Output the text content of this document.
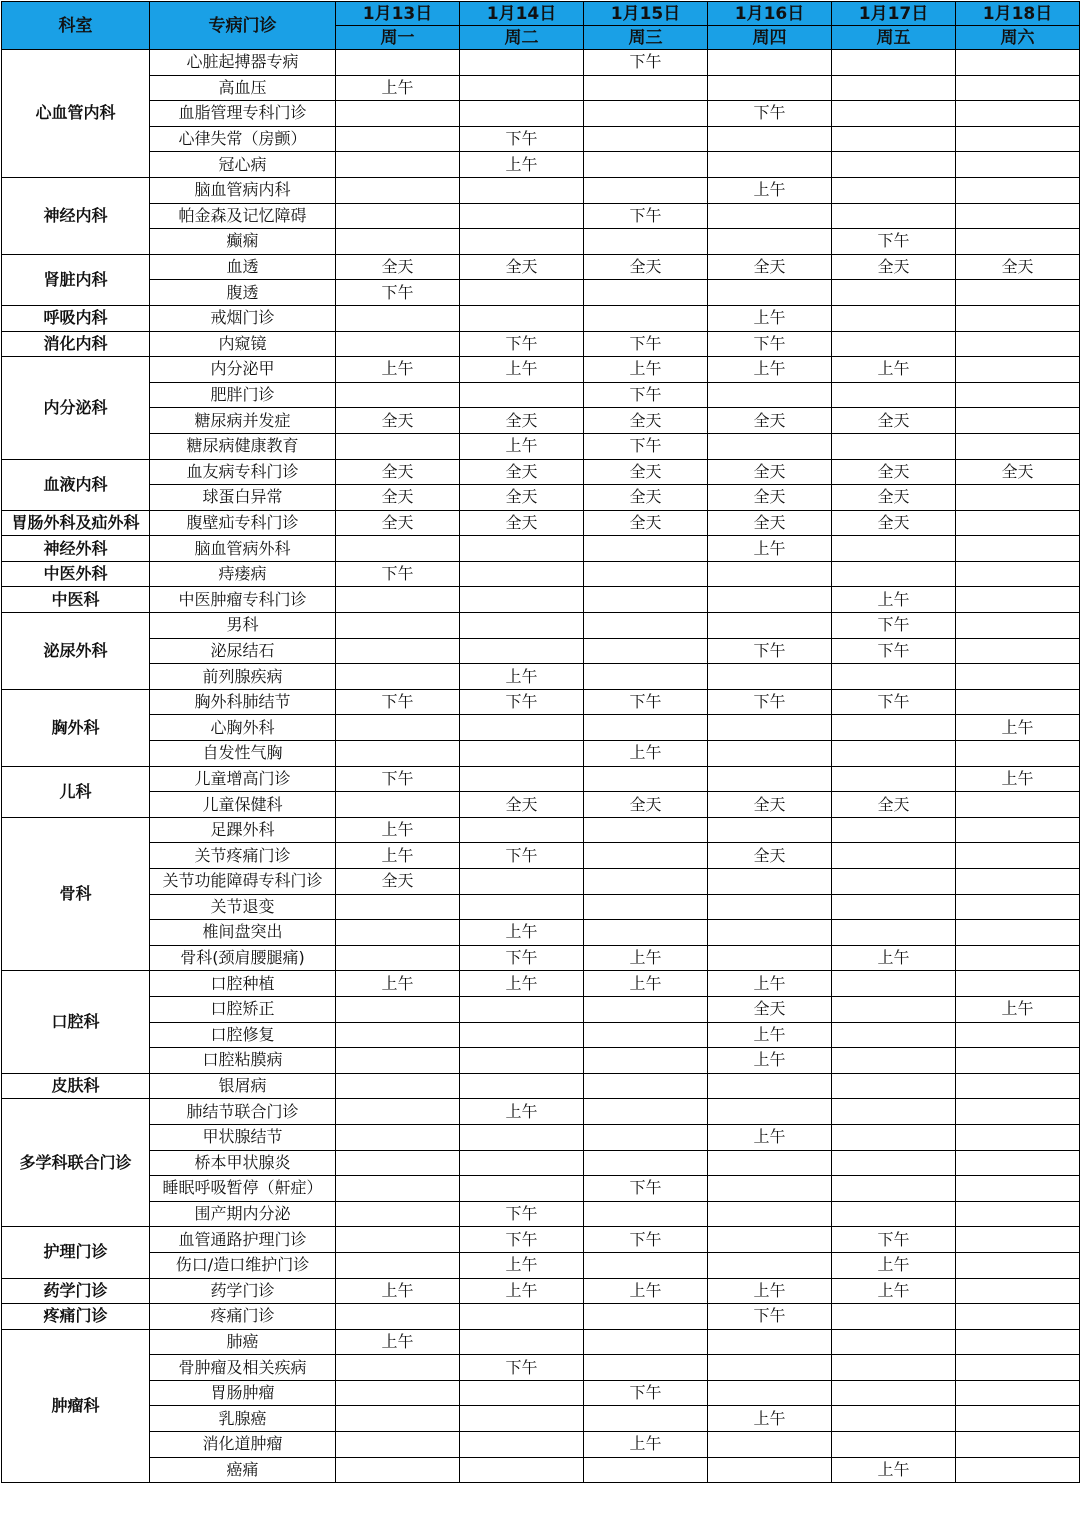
科室	专病门诊	1月13日	1月14日	1月15日	1月16日	1月17日	1月18日
		周一	周二	周三	周四	周五	周六
心血管内科	心脏起搏器专病			下午			
	高血压	上午					
	血脂管理专科门诊				下午		
	心律失常（房颤）		下午				
	冠心病		上午				
神经内科	脑血管病内科				上午		
	帕金森及记忆障碍			下午			
	癫痫					下午	
肾脏内科	血透	全天	全天	全天	全天	全天	全天
	腹透	下午					
呼吸内科	戒烟门诊				上午		
消化内科	内窥镜		下午	下午	下午		
内分泌科	内分泌甲	上午	上午	上午	上午	上午	
	肥胖门诊			下午			
	糖尿病并发症	全天	全天	全天	全天	全天	
	糖尿病健康教育		上午	下午			
血液内科	血友病专科门诊	全天	全天	全天	全天	全天	全天
	球蛋白异常	全天	全天	全天	全天	全天	
胃肠外科及疝外科	腹壁疝专科门诊	全天	全天	全天	全天	全天	
神经外科	脑血管病外科				上午		
中医外科	痔瘘病	下午					
中医科	中医肿瘤专科门诊					上午	
泌尿外科	男科					下午	
	泌尿结石				下午	下午	
	前列腺疾病		上午				
胸外科	胸外科肺结节	下午	下午	下午	下午	下午	
	心胸外科						上午
	自发性气胸			上午			
儿科	儿童增高门诊	下午					上午
	儿童保健科		全天	全天	全天	全天	
骨科	足踝外科	上午					
	关节疼痛门诊	上午	下午		全天		
	关节功能障碍专科门诊	全天					
	关节退变						
	椎间盘突出		上午				
	骨科(颈肩腰腿痛)		下午	上午		上午	
口腔科	口腔种植	上午	上午	上午	上午		
	口腔矫正				全天		上午
	口腔修复				上午		
	口腔粘膜病				上午		
皮肤科	银屑病						
多学科联合门诊	肺结节联合门诊		上午				
	甲状腺结节				上午		
	桥本甲状腺炎						
	睡眠呼吸暂停（鼾症）			下午			
	围产期内分泌		下午				
护理门诊	血管通路护理门诊		下午	下午		下午	
	伤口/造口维护门诊		上午			上午	
药学门诊	药学门诊	上午	上午	上午	上午	上午	
疼痛门诊	疼痛门诊				下午		
肿瘤科	肺癌	上午					
	骨肿瘤及相关疾病		下午				
	胃肠肿瘤			下午			
	乳腺癌				上午		
	消化道肿瘤			上午			
	癌痛					上午	
